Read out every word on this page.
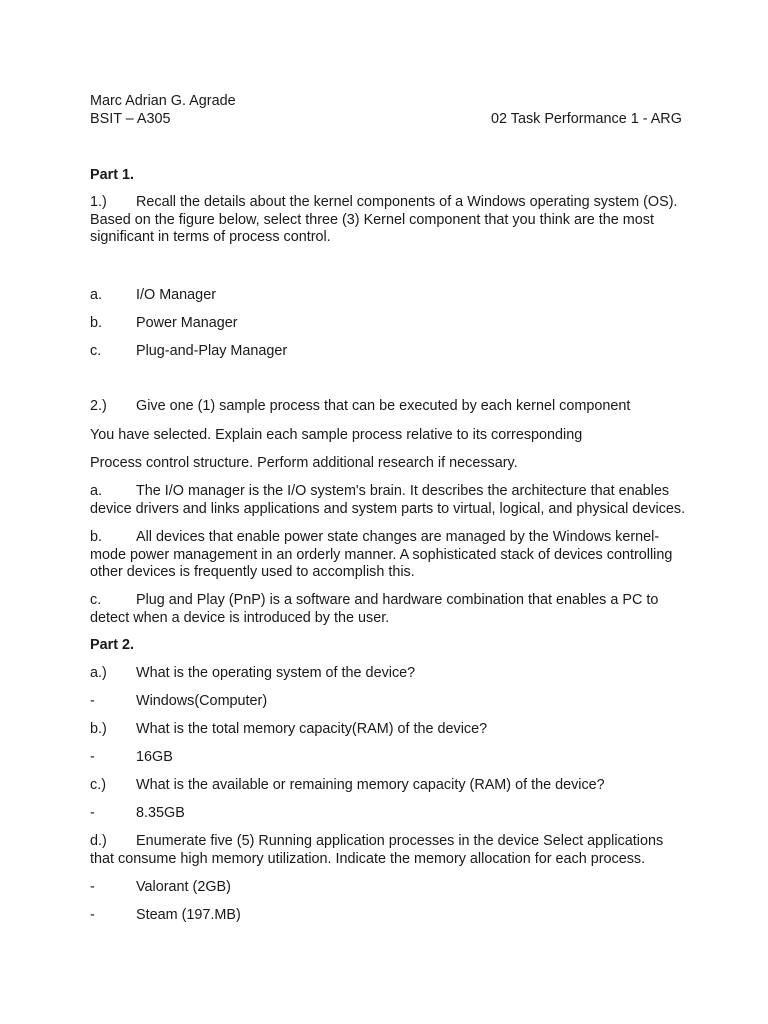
Marc Adrian G. Agrade

BSIT – A305	02 Task Performance 1 - ARG

Part 1.

1.) Recall the details about the kernel components of a Windows operating system (OS). Based on the figure below, select three (3) Kernel component that you think are the most significant in terms of process control.

a. I/O Manager

b. Power Manager

c. Plug-and-Play Manager

2.) Give one (1) sample process that can be executed by each kernel component

You have selected. Explain each sample process relative to its corresponding

Process control structure. Perform additional research if necessary.

a. The I/O manager is the I/O system's brain. It describes the architecture that enables device drivers and links applications and system parts to virtual, logical, and physical devices.

b. All devices that enable power state changes are managed by the Windows kernel-mode power management in an orderly manner. A sophisticated stack of devices controlling other devices is frequently used to accomplish this.

c. Plug and Play (PnP) is a software and hardware combination that enables a PC to detect when a device is introduced by the user.

Part 2.

a.) What is the operating system of the device?

-	Windows(Computer)

b.) What is the total memory capacity(RAM) of the device?

-	16GB

c.) What is the available or remaining memory capacity (RAM) of the device?

-	8.35GB

d.) Enumerate five (5) Running application processes in the device Select applications that consume high memory utilization. Indicate the memory allocation for each process.

-	Valorant (2GB)

-	Steam (197.MB)
